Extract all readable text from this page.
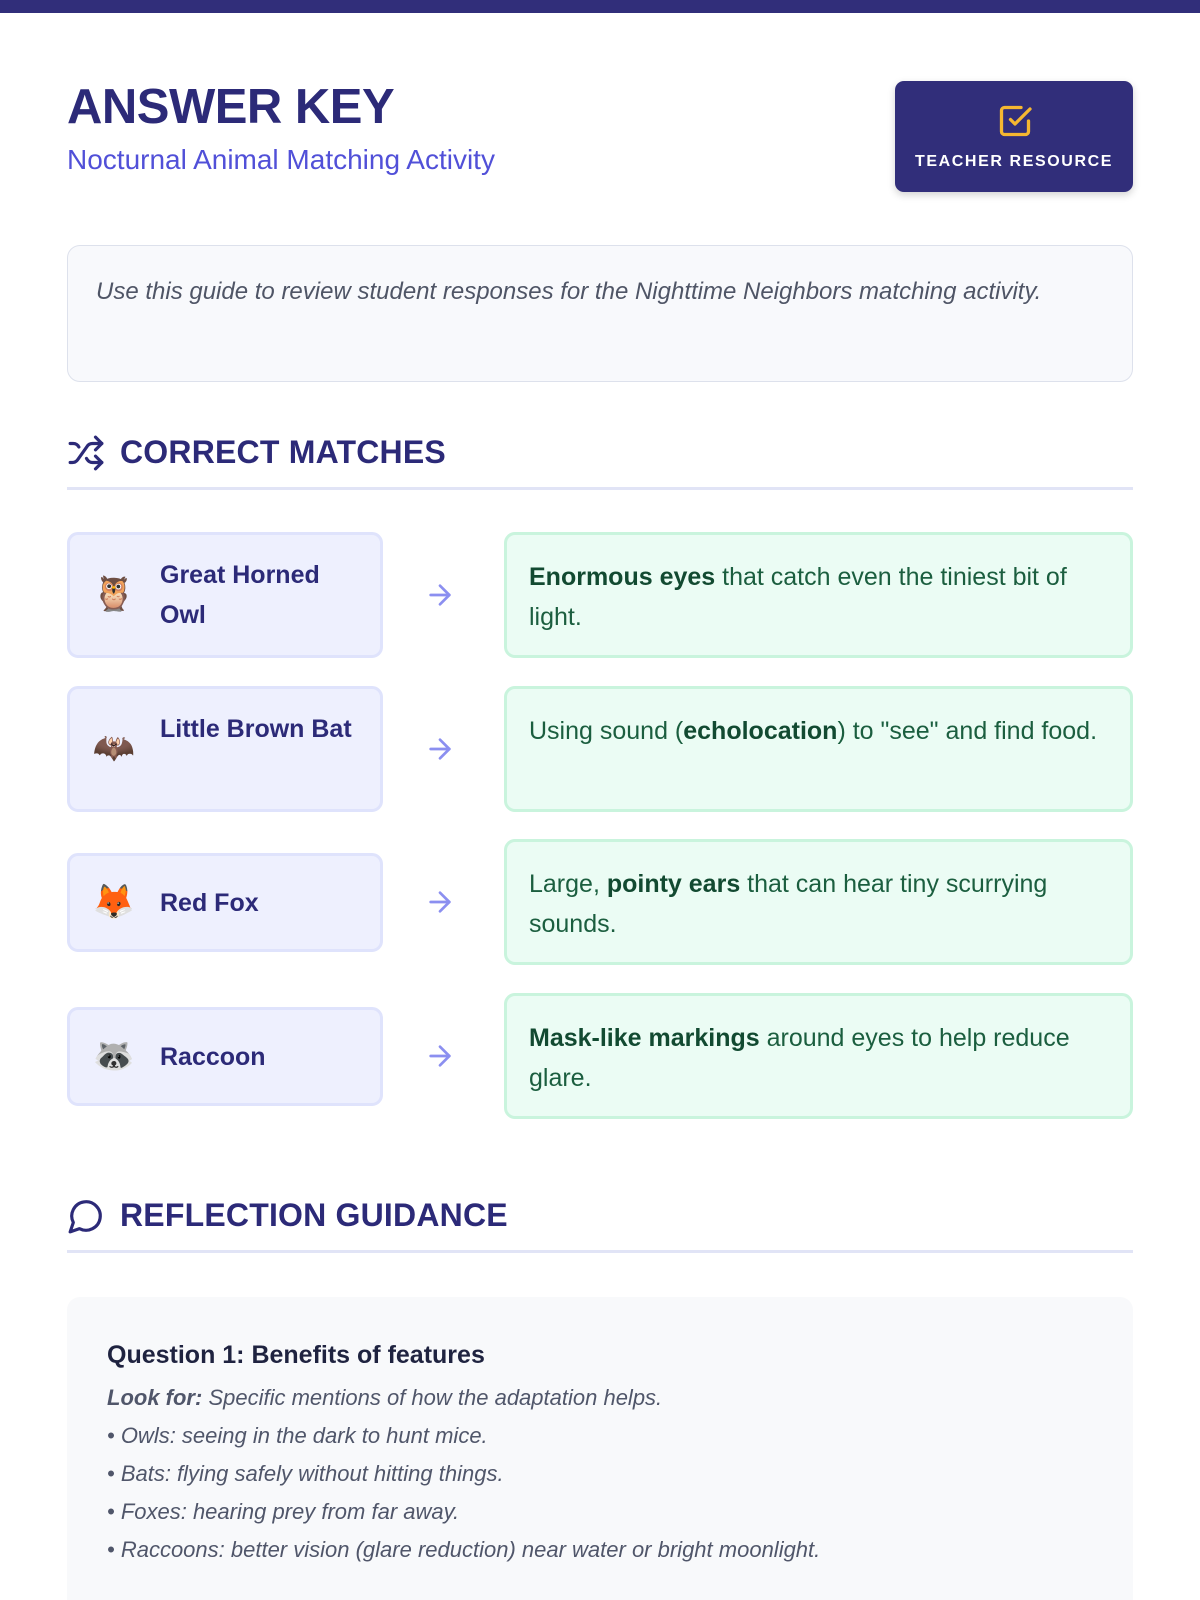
ANSWER KEY
Nocturnal Animal Matching Activity	TEACHER RESOURCE

Use this guide to review student responses for the Nighttime Neighbors matching activity.

CORRECT MATCHES
🦉 Great Horned Owl

Enormous eyes that catch even the tiniest bit of light.

🦇 Little Brown Bat	Using sound (echolocation) to "see" and find food.

🦊 Red Fox

Large, pointy ears that can hear tiny scurrying sounds.

🦝 Raccoon

Mask-like markings around eyes to help reduce glare.

REFLECTION GUIDANCE
Question 1: Benefits of features
Look for: Specific mentions of how the adaptation helps.
• Owls: seeing in the dark to hunt mice.
• Bats: flying safely without hitting things.
• Foxes: hearing prey from far away.
• Raccoons: better vision (glare reduction) near water or bright moonlight.
